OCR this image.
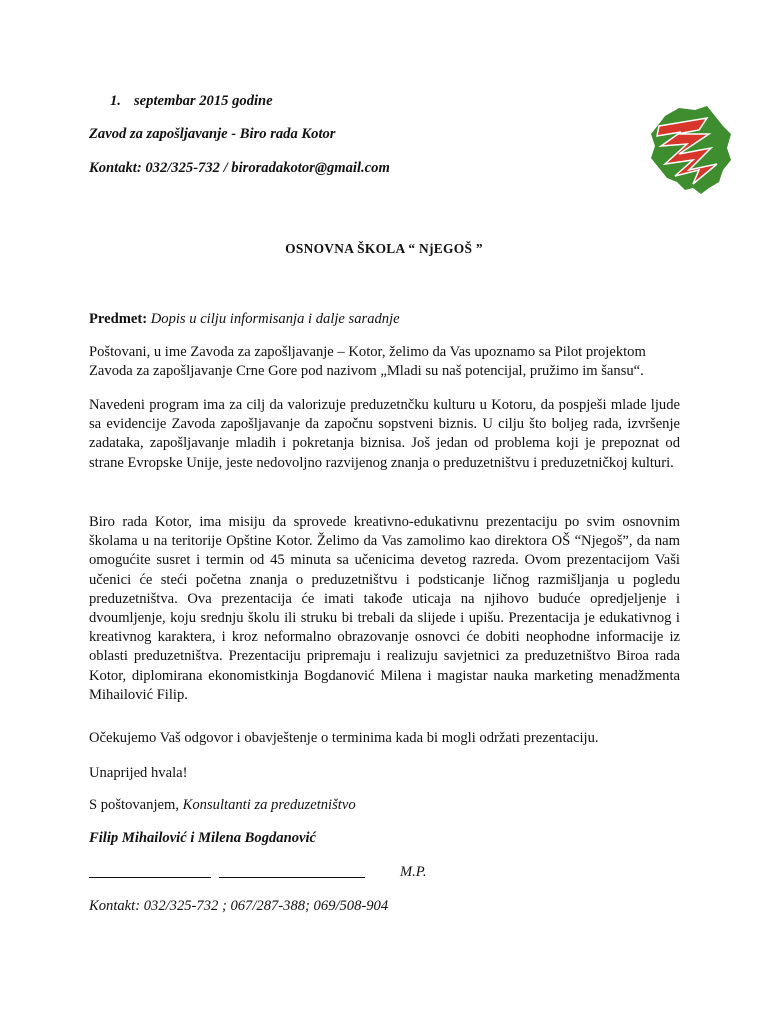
1. septembar 2015 godine
Zavod za zapošljavanje - Biro rada Kotor
Kontakt: 032/325-732 / biroradakotor@gmail.com
OSNOVNA ŠKOLA “ NjEGOŠ ”
Predmet: Dopis u cilju informisanja i dalje saradnje

Poštovani, u ime Zavoda za zapošljavanje – Kotor, želimo da Vas upoznamo sa Pilot projektom Zavoda za zapošljavanje Crne Gore pod nazivom „Mladi su naš potencijal, pružimo im šansu“.

Navedeni program ima za cilj da valorizuje preduzetnčku kulturu u Kotoru, da pospješi mlade ljude sa evidencije Zavoda zapošljavanje da započnu sopstveni biznis. U cilju što boljeg rada, izvršenje zadataka, zapošljavanje mladih i pokretanja biznisa. Još jedan od problema koji je prepoznat od strane Evropske Unije, jeste nedovoljno razvijenog znanja o preduzetništvu i preduzetničkoj kulturi.

Biro rada Kotor, ima misiju da sprovede kreativno-edukativnu prezentaciju po svim osnovnim školama u na teritorije Opštine Kotor. Želimo da Vas zamolimo kao direktora OŠ “Njegoš”, da nam omogućite susret i termin od 45 minuta sa učenicima devetog razreda. Ovom prezentacijom Vaši učenici će steći početna znanja o preduzetništvu i podsticanje ličnog razmišljanja u pogledu preduzetništva. Ova prezentacija će imati takođe uticaja na njihovo buduće opredjeljenje i dvoumljenje, koju srednju školu ili struku bi trebali da slijede i upišu. Prezentacija je edukativnog i kreativnog karaktera, i kroz neformalno obrazovanje osnovci će dobiti neophodne informacije iz oblasti preduzetništva. Prezentaciju pripremaju i realizuju savjetnici za preduzetništvo Biroa rada Kotor, diplomirana ekonomistkinja Bogdanović Milena i magistar nauka marketing menadžmenta Mihailović Filip.

Očekujemo Vaš odgovor i obavještenje o terminima kada bi mogli održati prezentaciju.

Unaprijed hvala!
S poštovanjem, Konsultanti za preduzetništvo
Filip Mihailović i Milena Bogdanović
M.P.
Kontakt: 032/325-732 ; 067/287-388; 069/508-904
